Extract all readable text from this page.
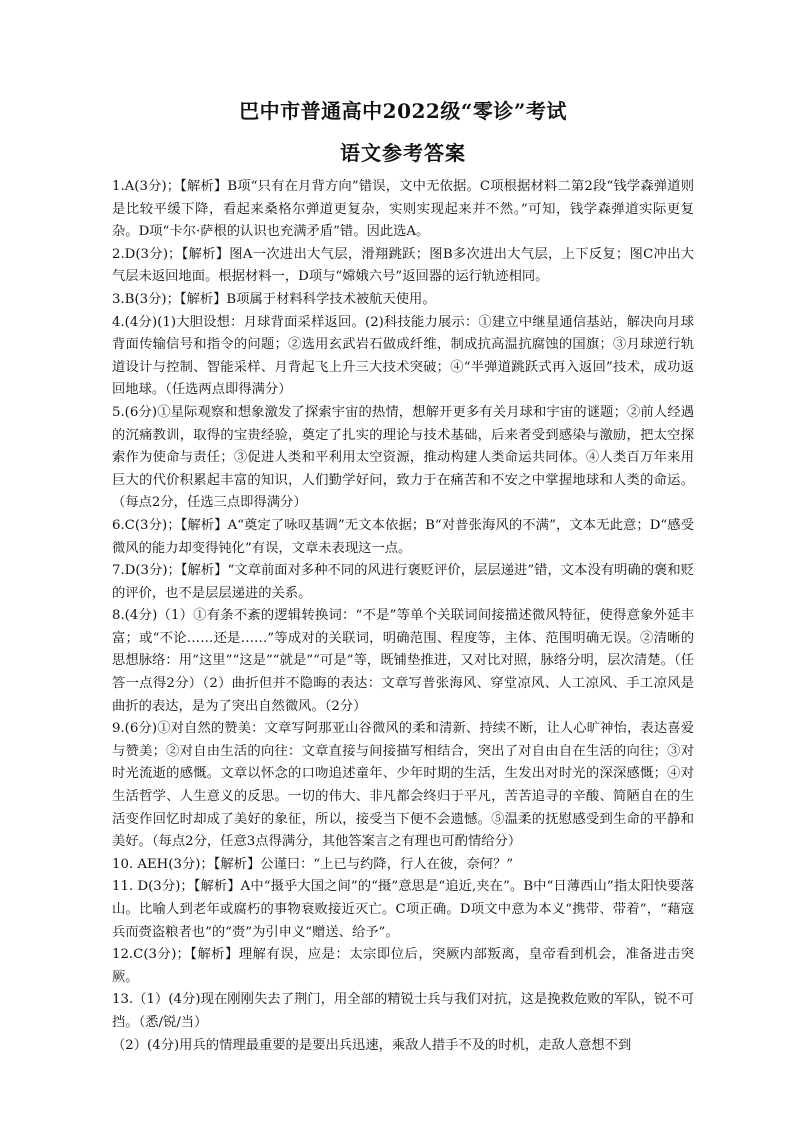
巴中市普通高中2022级“零诊”考试
语文参考答案

1.A(3分)；【解析】B项“只有在月背方向”错误，文中无依据。C项根据材料二第2段“钱学森弹道则是比较平缓下降，看起来桑格尔弹道更复杂，实则实现起来并不然。”可知，钱学森弹道实际更复杂。D项“卡尔·萨根的认识也充满矛盾”错。因此选A。

2.D(3分)；【解析】图A一次进出大气层，滑翔跳跃；图B多次进出大气层，上下反复；图C冲出大气层未返回地面。根据材料一，D项与“嫦娥六号”返回器的运行轨迹相同。

3.B(3分)；【解析】B项属于材料科学技术被航天使用。

4.(4分)(1)大胆设想：月球背面采样返回。(2)科技能力展示：①建立中继星通信基站，解决向月球背面传输信号和指令的问题；②选用玄武岩石做成纤维，制成抗高温抗腐蚀的国旗；③月球逆行轨道设计与控制、智能采样、月背起飞上升三大技术突破；④“半弹道跳跃式再入返回”技术，成功返回地球。（任选两点即得满分）

5.(6分)①星际观察和想象激发了探索宇宙的热情，想解开更多有关月球和宇宙的谜题；②前人经遇的沉痛教训，取得的宝贵经验，奠定了扎实的理论与技术基础，后来者受到感染与激励，把太空探索作为使命与责任；③促进人类和平利用太空资源，推动构建人类命运共同体。④人类百万年来用巨大的代价积累起丰富的知识，人们勤学好问，致力于在痛苦和不安之中掌握地球和人类的命运。（每点2分，任选三点即得满分）

6.C(3分)；【解析】A“奠定了咏叹基调”无文本依据；B“对普张海风的不满”，文本无此意；D“感受微风的能力却变得钝化”有误，文章未表现这一点。

7.D(3分)；【解析】“文章前面对多种不同的风进行褒贬评价，层层递进”错，文本没有明确的褒和贬的评价，也不是层层递进的关系。

8.(4分)（1）①有条不紊的逻辑转换词：“不是”等单个关联词间接描述微风特征，使得意象外延丰富；或“不论……还是……”等成对的关联词，明确范围、程度等，主体、范围明确无误。②清晰的思想脉络：用“这里”“这是”“就是”“可是”等，既铺垫推进，又对比对照，脉络分明，层次清楚。（任答一点得2分）（2）曲折但并不隐晦的表达：文章写普张海风、穿堂凉风、人工凉风、手工凉风是曲折的表达，是为了突出自然微风。（2分）

9.(6分)①对自然的赞美：文章写阿那亚山谷微风的柔和清新、持续不断，让人心旷神怡，表达喜爱与赞美；②对自由生活的向往：文章直接与间接描写相结合，突出了对自由自在生活的向往；③对时光流逝的感慨。文章以怀念的口吻追述童年、少年时期的生活，生发出对时光的深深感慨；④对生活哲学、人生意义的反思。一切的伟大、非凡都会终归于平凡，苦苦追寻的辛酸、简陋自在的生活变作回忆时却成了美好的象征，所以，接受当下便不会遗憾。⑤温柔的抚慰感受到生命的平静和美好。（每点2分，任意3点得满分，其他答案言之有理也可酌情给分）

10. AEH(3分)；【解析】公谨曰：“上已与约降，行人在彼，奈何？”

11. D(3分)；【解析】A中“摄乎大国之间”的“摄”意思是“追近,夹在”。B中“日薄西山”指太阳快要落山。比喻人到老年或腐朽的事物衰败接近灭亡。C项正确。D项文中意为本义“携带、带着”，“藉寇兵而赍盗粮者也”的“赍”为引申义“赠送、给予”。

12.C(3分)；【解析】理解有误，应是：太宗即位后，突厥内部叛离，皇帝看到机会，准备进击突厥。

13.（1）(4分)现在刚刚失去了荆门，用全部的精锐士兵与我们对抗，这是挽救危败的军队，锐不可挡。（悉/锐/当）

（2）(4分)用兵的情理最重要的是要出兵迅速，乘敌人措手不及的时机，走敌人意想不到
